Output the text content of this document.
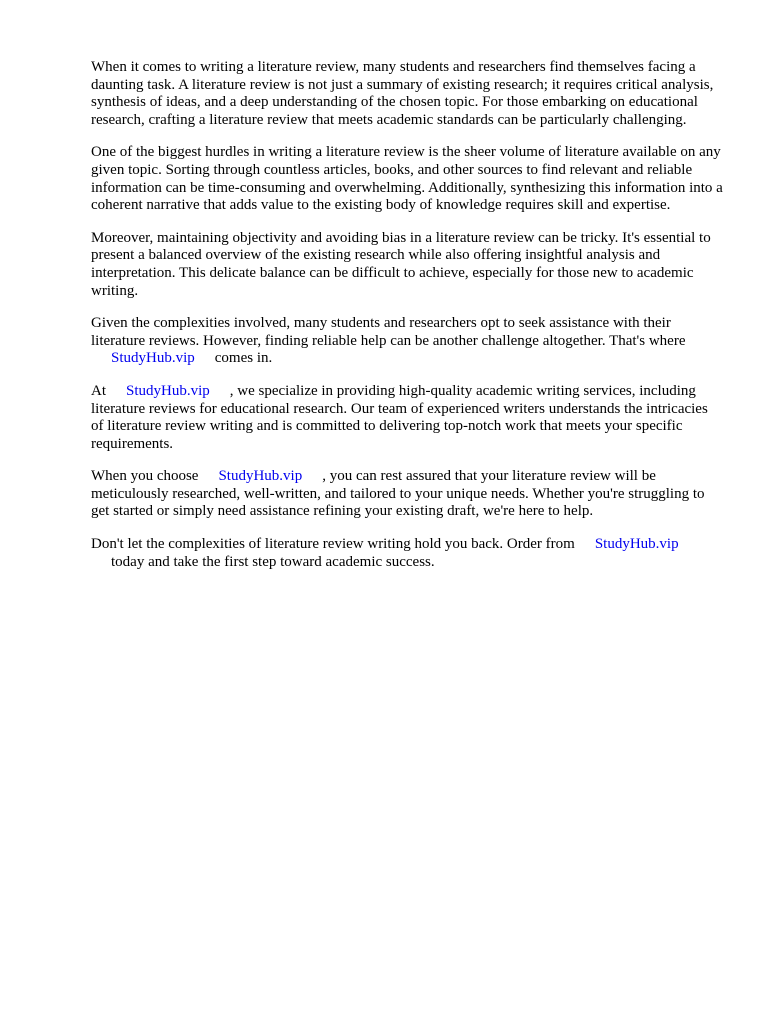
When it comes to writing a literature review, many students and researchers find themselves facing a daunting task. A literature review is not just a summary of existing research; it requires critical analysis, synthesis of ideas, and a deep understanding of the chosen topic. For those embarking on educational research, crafting a literature review that meets academic standards can be particularly challenging.

One of the biggest hurdles in writing a literature review is the sheer volume of literature available on any given topic. Sorting through countless articles, books, and other sources to find relevant and reliable information can be time-consuming and overwhelming. Additionally, synthesizing this information into a coherent narrative that adds value to the existing body of knowledge requires skill and expertise.

Moreover, maintaining objectivity and avoiding bias in a literature review can be tricky. It's essential to present a balanced overview of the existing research while also offering insightful analysis and interpretation. This delicate balance can be difficult to achieve, especially for those new to academic writing.

Given the complexities involved, many students and researchers opt to seek assistance with their literature reviews. However, finding reliable help can be another challenge altogether. That's where
StudyHub.vip comes in.

At StudyHub.vip , we specialize in providing high-quality academic writing services, including literature reviews for educational research. Our team of experienced writers understands the intricacies of literature review writing and is committed to delivering top-notch work that meets your specific requirements.

When you choose StudyHub.vip , you can rest assured that your literature review will be meticulously researched, well-written, and tailored to your unique needs. Whether you're struggling to get started or simply need assistance refining your existing draft, we're here to help.

Don't let the complexities of literature review writing hold you back. Order from StudyHub.vip
today and take the first step toward academic success.
